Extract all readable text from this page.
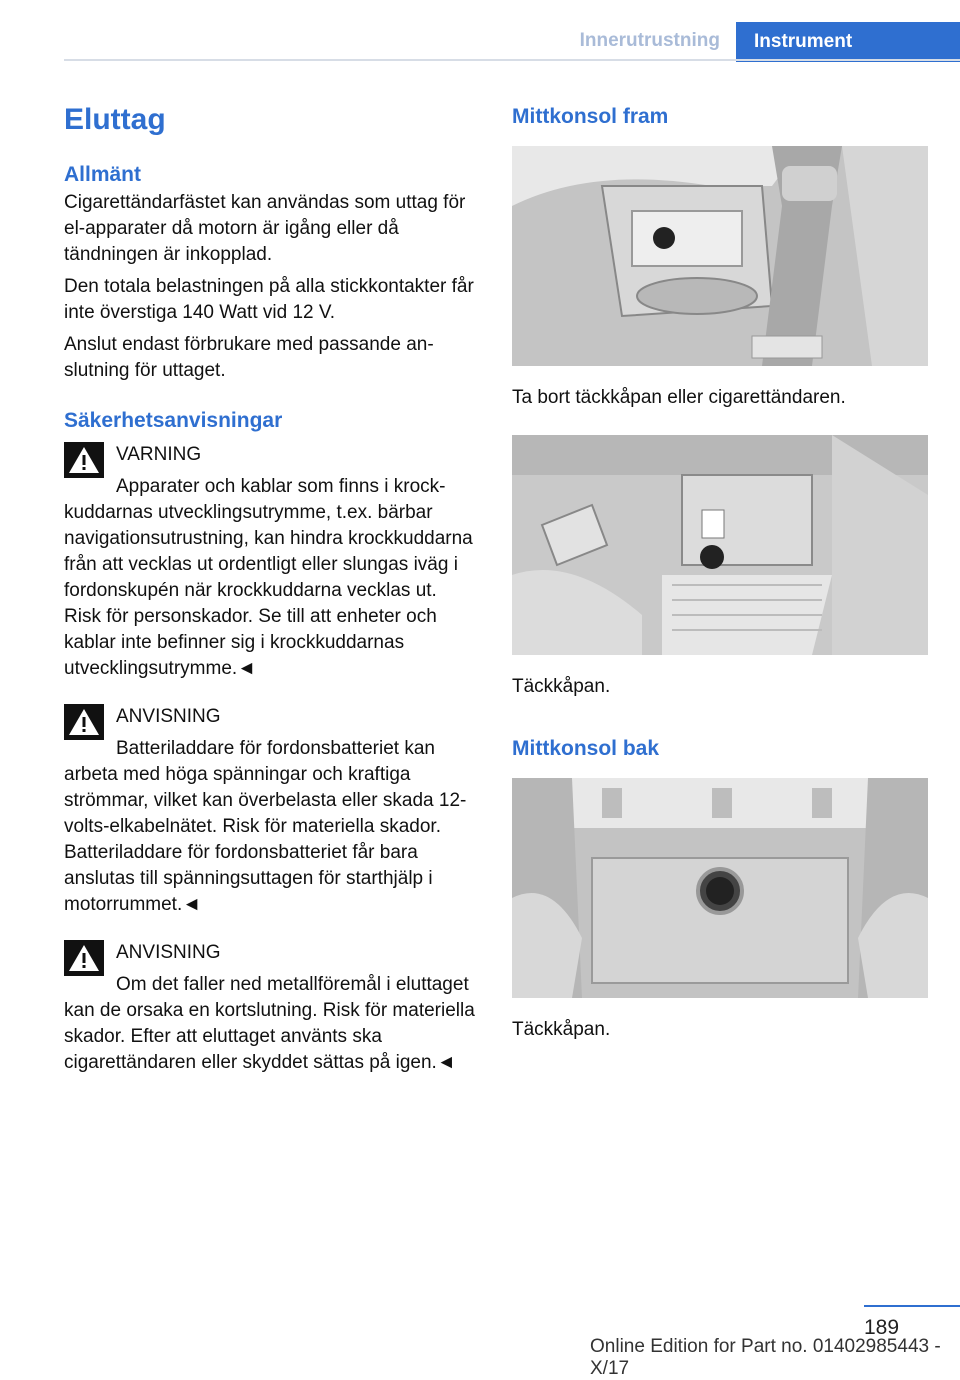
Innerutrustning	Instrument
Eluttag
Allmänt

Cigarettändarfästet kan användas som uttag för el-apparater då motorn är igång eller då tändningen är inkopplad.

Den totala belastningen på alla stickkontakter får inte överstiga 140 Watt vid 12 V.

Anslut endast förbrukare med passande anslutning för uttaget.

Säkerhetsanvisningar
VARNING

Apparater och kablar som finns i krockkuddarnas utvecklingsutrymme, t.ex. bärbar navigationsutrustning, kan hindra krockkuddarna från att vecklas ut ordentligt eller slungas iväg i fordonskupén när krockkuddarna vecklas ut. Risk för personskador. Se till att enheter och kablar inte befinner sig i krockkuddarnas utvecklingsutrymme.◄

ANVISNING

Batteriladdare för fordonsbatteriet kan arbeta med höga spänningar och kraftiga strömmar, vilket kan överbelasta eller skada 12-volts-elkabelnätet. Risk för materiella skador. Batteriladdare för fordonsbatteriet får bara anslutas till spänningsuttagen för starthjälp i motorrummet.◄

ANVISNING

Om det faller ned metallföremål i eluttaget kan de orsaka en kortslutning. Risk för materiella skador. Efter att eluttaget använts ska cigarettändaren eller skyddet sättas på igen.◄

Mittkonsol fram
Ta bort täckkåpan eller cigarettändaren.
Täckkåpan.
Mittkonsol bak
Täckkåpan.
189
Online Edition for Part no. 01402985443 - X/17
